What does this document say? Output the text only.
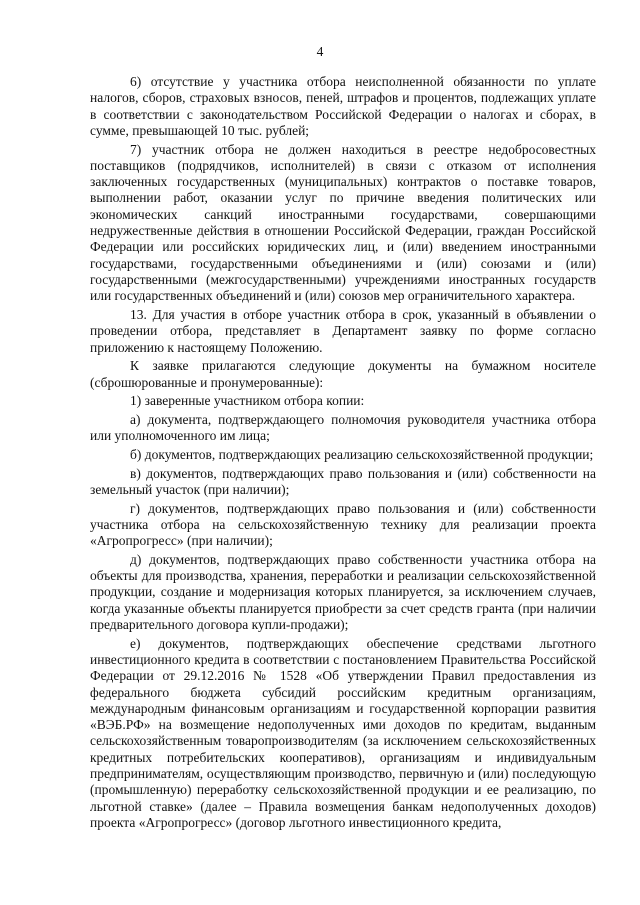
4

6) отсутствие у участника отбора неисполненной обязанности по уплате налогов, сборов, страховых взносов, пеней, штрафов и процентов, подлежащих уплате в соответствии с законодательством Российской Федерации о налогах и сборах, в сумме, превышающей 10 тыс. рублей;

7) участник отбора не должен находиться в реестре недобросовестных поставщиков (подрядчиков, исполнителей) в связи с отказом от исполнения заключенных государственных (муниципальных) контрактов о поставке товаров, выполнении работ, оказании услуг по причине введения политических или экономических санкций иностранными государствами, совершающими недружественные действия в отношении Российской Федерации, граждан Российской Федерации или российских юридических лиц, и (или) введением иностранными государствами, государственными объединениями и (или) союзами и (или) государственными (межгосударственными) учреждениями иностранных государств или государственных объединений и (или) союзов мер ограничительного характера.

13. Для участия в отборе участник отбора в срок, указанный в объявлении о проведении отбора, представляет в Департамент заявку по форме согласно приложению к настоящему Положению.

К заявке прилагаются следующие документы на бумажном носителе (сброшюрованные и пронумерованные):

1) заверенные участником отбора копии:

а) документа, подтверждающего полномочия руководителя участника отбора или уполномоченного им лица;

б) документов, подтверждающих реализацию сельскохозяйственной продукции;

в) документов, подтверждающих право пользования и (или) собственности на земельный участок (при наличии);

г) документов, подтверждающих право пользования и (или) собственности участника отбора на сельскохозяйственную технику для реализации проекта «Агропрогресс» (при наличии);

д) документов, подтверждающих право собственности участника отбора на объекты для производства, хранения, переработки и реализации сельскохозяйственной продукции, создание и модернизация которых планируется, за исключением случаев, когда указанные объекты планируется приобрести за счет средств гранта (при наличии предварительного договора купли-продажи);

е) документов, подтверждающих обеспечение средствами льготного инвестиционного кредита в соответствии с постановлением Правительства Российской Федерации от 29.12.2016 № 1528 «Об утверждении Правил предоставления из федерального бюджета субсидий российским кредитным организациям, международным финансовым организациям и государственной корпорации развития «ВЭБ.РФ» на возмещение недополученных ими доходов по кредитам, выданным сельскохозяйственным товаропроизводителям (за исключением сельскохозяйственных кредитных потребительских кооперативов), организациям и индивидуальным предпринимателям, осуществляющим производство, первичную и (или) последующую (промышленную) переработку сельскохозяйственной продукции и ее реализацию, по льготной ставке» (далее – Правила возмещения банкам недополученных доходов) проекта «Агропрогресс» (договор льготного инвестиционного кредита,
